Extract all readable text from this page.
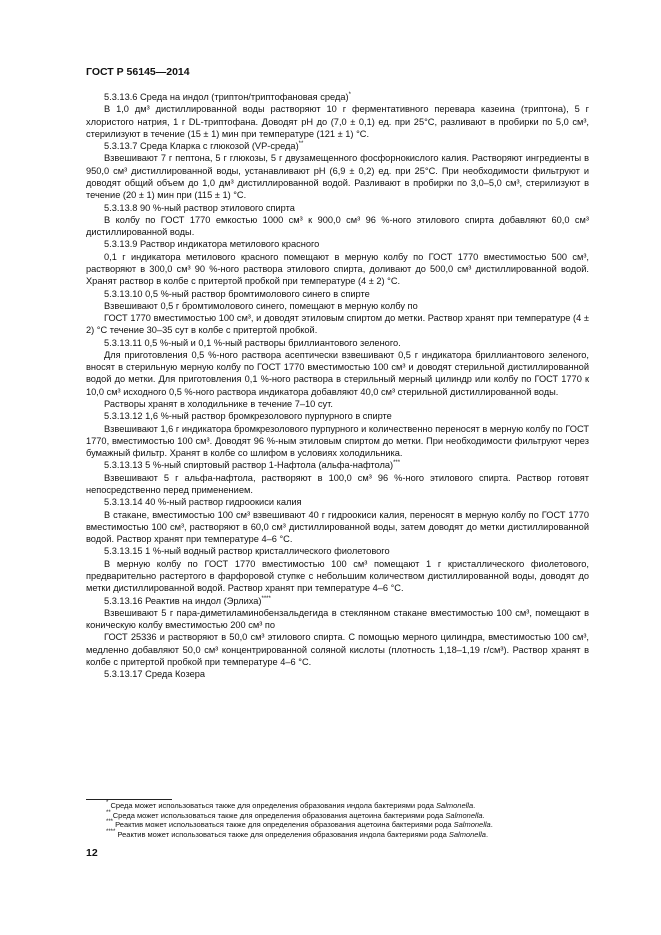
ГОСТ Р 56145—2014

5.3.13.6 Среда на индол (триптон/триптофановая среда)*

В 1,0 дм³ дистиллированной воды растворяют 10 г ферментативного перевара казеина (триптона), 5 г хлористого натрия, 1 г DL-триптофана. Доводят pH до (7,0 ± 0,1) ед. при 25°С, разливают в пробирки по 5,0 см³, стерилизуют в течение (15 ± 1) мин при температуре (121 ± 1) °С.

5.3.13.7 Среда Кларка с глюкозой (VP-среда)**

Взвешивают 7 г пептона, 5 г глюкозы, 5 г двузамещенного фосфорнокислого калия. Растворяют ингредиенты в 950,0 см³ дистиллированной воды, устанавливают pH (6,9 ± 0,2) ед. при 25°С. При необходимости фильтруют и доводят общий объем до 1,0 дм³ дистиллированной водой. Разливают в пробирки по 3,0–5,0 см³, стерилизуют в течение (20 ± 1) мин при (115 ± 1) °С.

5.3.13.8 90 %-ный раствор этилового спирта

В колбу по ГОСТ 1770 емкостью 1000 см³ к 900,0 см³ 96 %-ного этилового спирта добавляют 60,0 см³ дистиллированной воды.

5.3.13.9 Раствор индикатора метилового красного

0,1 г индикатора метилового красного помещают в мерную колбу по ГОСТ 1770 вместимостью 500 см³, растворяют в 300,0 см³ 90 %-ного раствора этилового спирта, доливают до 500,0 см³ дистиллированной водой. Хранят раствор в колбе с притертой пробкой при температуре (4 ± 2) °С.

5.3.13.10 0,5 %-ный раствор бромтимолового синего в спирте

Взвешивают 0,5 г бромтимолового синего, помещают в мерную колбу по

ГОСТ 1770 вместимостью 100 см³, и доводят этиловым спиртом до метки. Раствор хранят при температуре (4 ± 2) °С течение 30–35 сут в колбе с притертой пробкой.

5.3.13.11 0,5 %-ный и 0,1 %-ный растворы бриллиантового зеленого.

Для приготовления 0,5 %-ного раствора асептически взвешивают 0,5 г индикатора бриллиантового зеленого, вносят в стерильную мерную колбу по ГОСТ 1770 вместимостью 100 см³ и доводят стерильной дистиллированной водой до метки. Для приготовления 0,1 %-ного раствора в стерильный мерный цилиндр или колбу по ГОСТ 1770 к 10,0 см³ исходного 0,5 %-ного раствора индикатора добавляют 40,0 см³ стерильной дистиллированной воды.

Растворы хранят в холодильнике в течение 7–10 сут.

5.3.13.12 1,6 %-ный раствор бромкрезолового пурпурного в спирте

Взвешивают 1,6 г индикатора бромкрезолового пурпурного и количественно переносят в мерную колбу по ГОСТ 1770, вместимостью 100 см³. Доводят 96 %-ным этиловым спиртом до метки. При необходимости фильтруют через бумажный фильтр. Хранят в колбе со шлифом в условиях холодильника.

5.3.13.13 5 %-ный спиртовый раствор 1-Нафтола (альфа-нафтола)***

Взвешивают 5 г альфа-нафтола, растворяют в 100,0 см³ 96 %-ного этилового спирта. Раствор готовят непосредственно перед применением.

5.3.13.14 40 %-ный раствор гидроокиси калия

В стакане, вместимостью 100 см³ взвешивают 40 г гидроокиси калия, переносят в мерную колбу по ГОСТ 1770 вместимостью 100 см³, растворяют в 60,0 см³ дистиллированной воды, затем доводят до метки дистиллированной водой. Раствор хранят при температуре 4–6 °С.

5.3.13.15 1 %-ный водный раствор кристаллического фиолетового

В мерную колбу по ГОСТ 1770 вместимостью 100 см³ помещают 1 г кристаллического фиолетового, предварительно растертого в фарфоровой ступке с небольшим количеством дистиллированной воды, доводят до метки дистиллированной водой. Раствор хранят при температуре 4–6 °С.

5.3.13.16 Реактив на индол (Эрлиха)****

Взвешивают 5 г пара-диметиламинобензальдегида в стеклянном стакане вместимостью 100 см³, помещают в коническую колбу вместимостью 200 см³ по

ГОСТ 25336 и растворяют в 50,0 см³ этилового спирта. С помощью мерного цилиндра, вместимостью 100 см³, медленно добавляют 50,0 см³ концентрированной соляной кислоты (плотность 1,18–1,19 г/см³). Раствор хранят в колбе с притертой пробкой при температуре 4–6 °С.

5.3.13.17 Среда Козера

* Среда может использоваться также для определения образования индола бактериями рода Salmonella.
** Среда может использоваться также для определения образования ацетоина бактериями рода Salmonella.
*** Реактив может использоваться также для определения образования ацетоина бактериями рода Salmonella.
**** Реактив может использоваться также для определения образования индола бактериями рода Salmonella.
12
